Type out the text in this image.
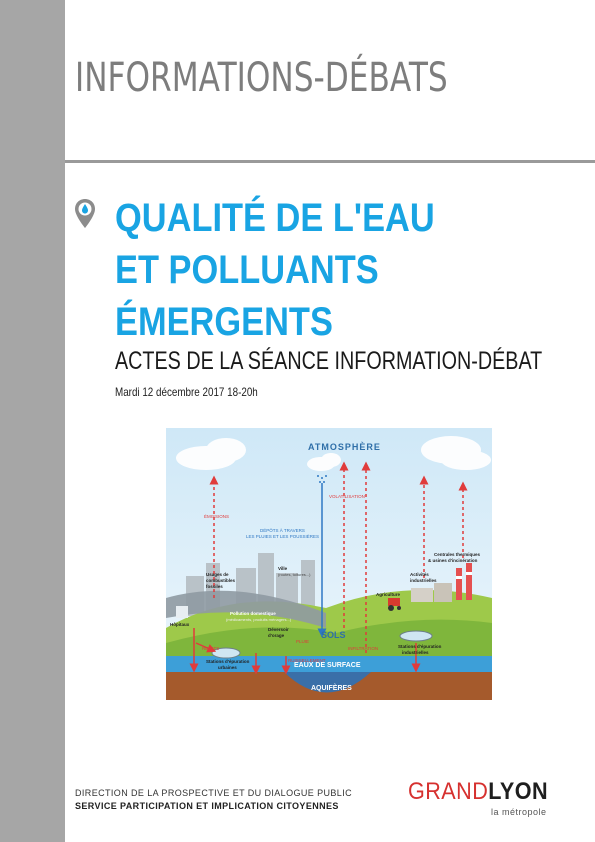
INFORMATIONS-DÉBATS
QUALITÉ DE L'EAU
ET POLLUANTS
ÉMERGENTS
ACTES DE LA SÉANCE INFORMATION-DÉBAT
Mardi 12 décembre 2017 18-20h
ATMOSPHÈRE
ÉMISSIONS
VOLATILISATION
DÉPÔTS À TRAVERS
LES PLUIES ET LES POUSSIÈRES
Usages de
combustibles
fossiles
Ville
(routes, toitures...)
Pollution domestique
(médicaments, produits ménagers...)
Hôpitaux
Déversoir
d'orage
PLUIE
REJETS
RUISSELLEMENT
INFILTRATION
SOLS
Agriculture
Activités
industrielles
Centrales thermiques
& usines d'incinération
Stations d'épuration
urbaines
Stations d'épuration
industrielles
EAUX DE SURFACE
AQUIFÈRES
DIRECTION DE LA PROSPECTIVE ET DU DIALOGUE PUBLIC
SERVICE PARTICIPATION ET IMPLICATION CITOYENNES
GRANDLYON
la métropole
